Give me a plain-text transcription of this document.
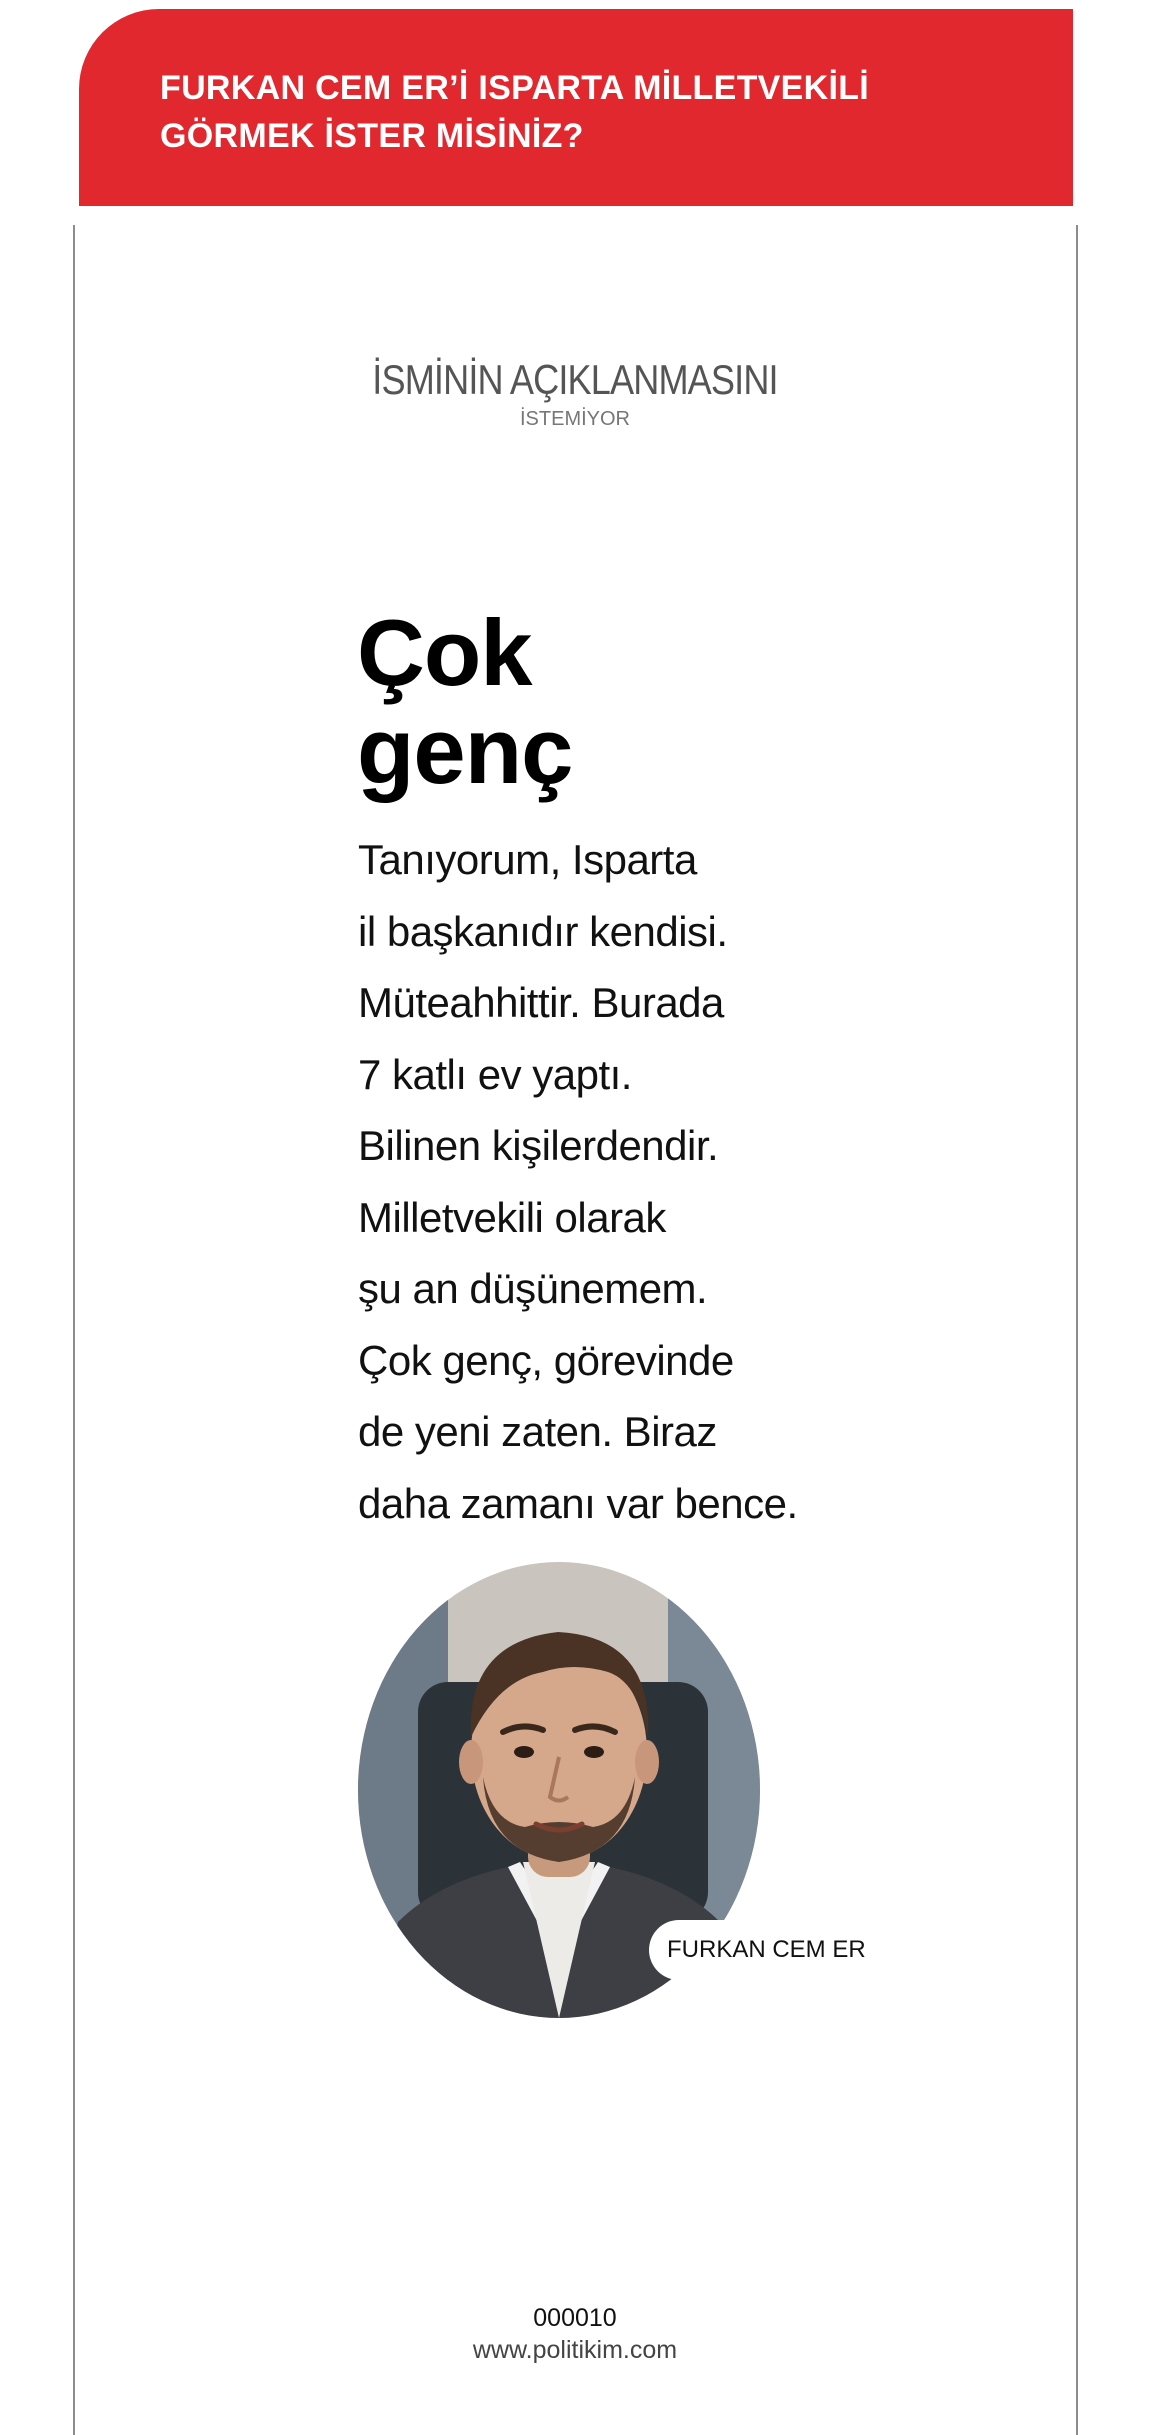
FURKAN CEM ER’İ ISPARTA MİLLETVEKİLİ
GÖRMEK İSTER MİSİNİZ?
İSMİNİN AÇIKLANMASINI
İSTEMİYOR
Çok
genç

Tanıyorum, Isparta
il başkanıdır kendisi.
Müteahhittir. Burada
7 katlı ev yaptı.
Bilinen kişilerdendir.
Milletvekili olarak
şu an düşünemem.
Çok genç, görevinde
de yeni zaten. Biraz
daha zamanı var bence.

FURKAN CEM ER
000010
www.politikim.com
